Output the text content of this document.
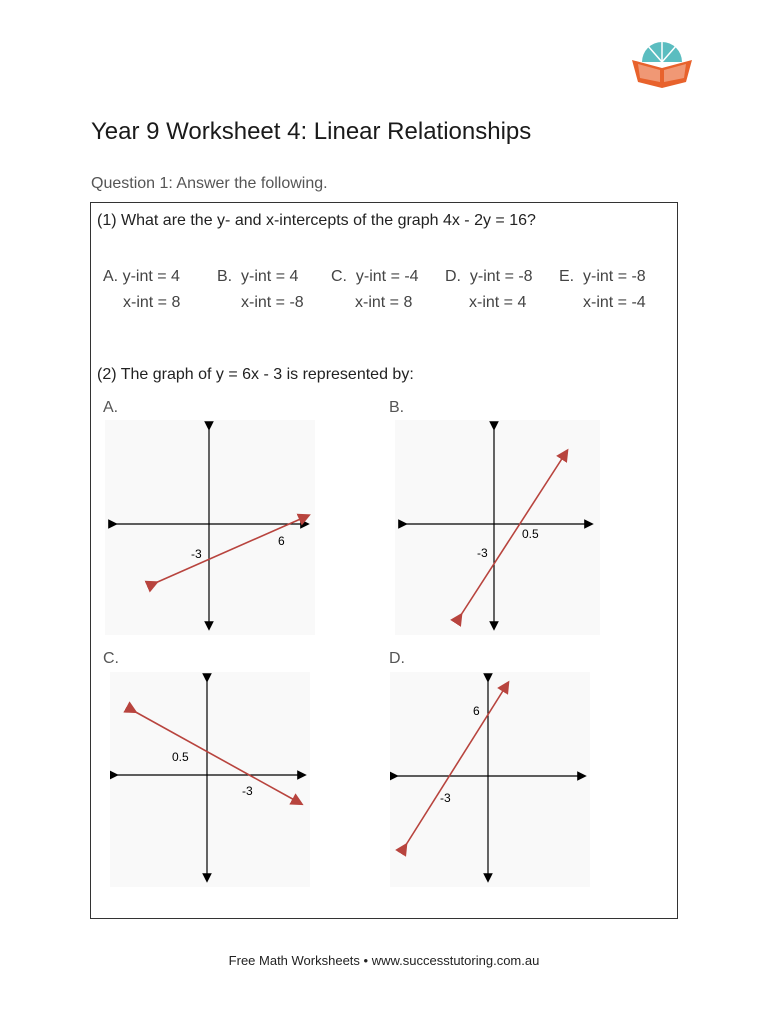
Year 9 Worksheet 4: Linear Relationships
Question 1: Answer the following.
(1) What are the y- and x-intercepts of the graph 4x - 2y = 16?
A. y-int = 4
x-int = 8
B. y-int = 4
x-int = -8
C. y-int = -4
x-int = 8
D. y-int = -8
x-int = 4
E. y-int = -8
x-int = -4
(2) The graph of y = 6x - 3 is represented by:
A.	B.
C.	D.
-3
6
-3
0.5
0.5
-3
6
-3
Free Math Worksheets • www.successtutoring.com.au
